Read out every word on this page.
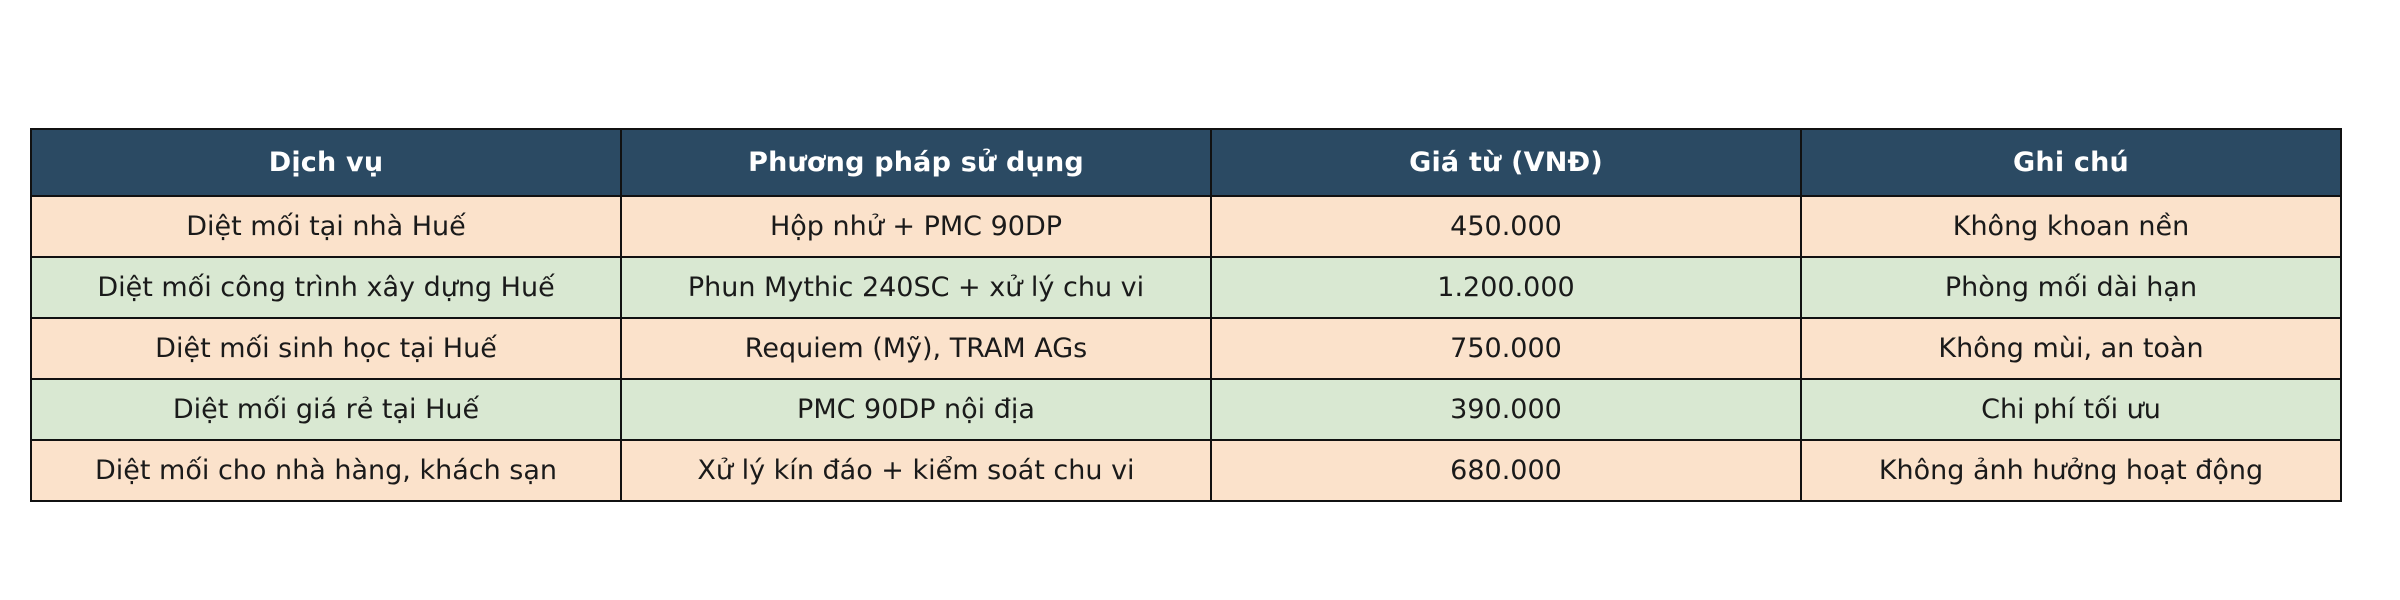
Dịch vụ	Phương pháp sử dụng	Giá từ (VNĐ)	Ghi chú
Diệt mối tại nhà Huế	Hộp nhử + PMC 90DP	450.000	Không khoan nền
Diệt mối công trình xây dựng Huế	Phun Mythic 240SC + xử lý chu vi	1.200.000	Phòng mối dài hạn
Diệt mối sinh học tại Huế	Requiem (Mỹ), TRAM AGs	750.000	Không mùi, an toàn
Diệt mối giá rẻ tại Huế	PMC 90DP nội địa	390.000	Chi phí tối ưu
Diệt mối cho nhà hàng, khách sạn	Xử lý kín đáo + kiểm soát chu vi	680.000	Không ảnh hưởng hoạt động
